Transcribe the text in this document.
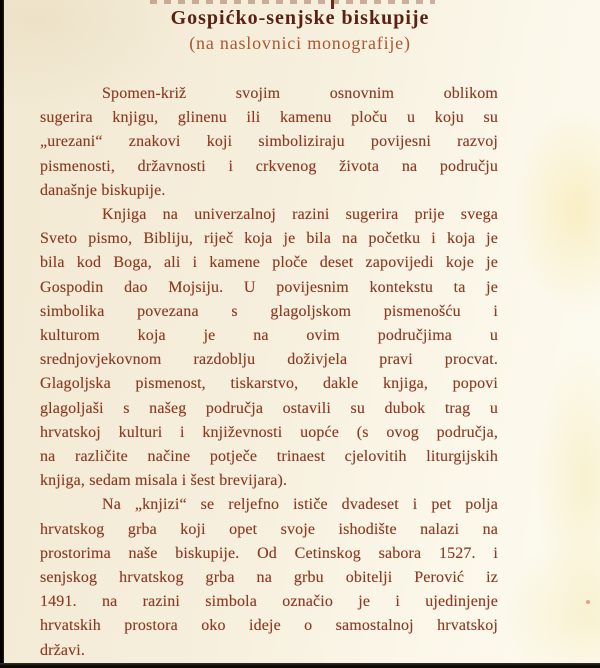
Gospićko-senjske biskupije
(na naslovnici monografije)
Spomen-križ svojim osnovnim oblikom
sugerira knjigu, glinenu ili kamenu ploču u koju su
„urezani“ znakovi koji simboliziraju povijesni razvoj
pismenosti, državnosti i crkvenog života na području
današnje biskupije.
Knjiga na univerzalnoj razini sugerira prije svega
Sveto pismo, Bibliju, riječ koja je bila na početku i koja je
bila kod Boga, ali i kamene ploče deset zapovijedi koje je
Gospodin dao Mojsiju. U povijesnim kontekstu ta je
simbolika povezana s glagoljskom pismenošću i
kulturom koja je na ovim područjima u
srednjovjekovnom razdoblju doživjela pravi procvat.
Glagoljska pismenost, tiskarstvo, dakle knjiga, popovi
glagoljaši s našeg područja ostavili su dubok trag u
hrvatskoj kulturi i književnosti uopće (s ovog područja,
na različite načine potječe trinaest cjelovitih liturgijskih
knjiga, sedam misala i šest brevijara).
Na „knjizi“ se reljefno ističe dvadeset i pet polja
hrvatskog grba koji opet svoje ishodište nalazi na
prostorima naše biskupije. Od Cetinskog sabora 1527. i
senjskog hrvatskog grba na grbu obitelji Perović iz
1491. na razini simbola označio je i ujedinjenje
hrvatskih prostora oko ideje o samostalnoj hrvatskoj
državi.
